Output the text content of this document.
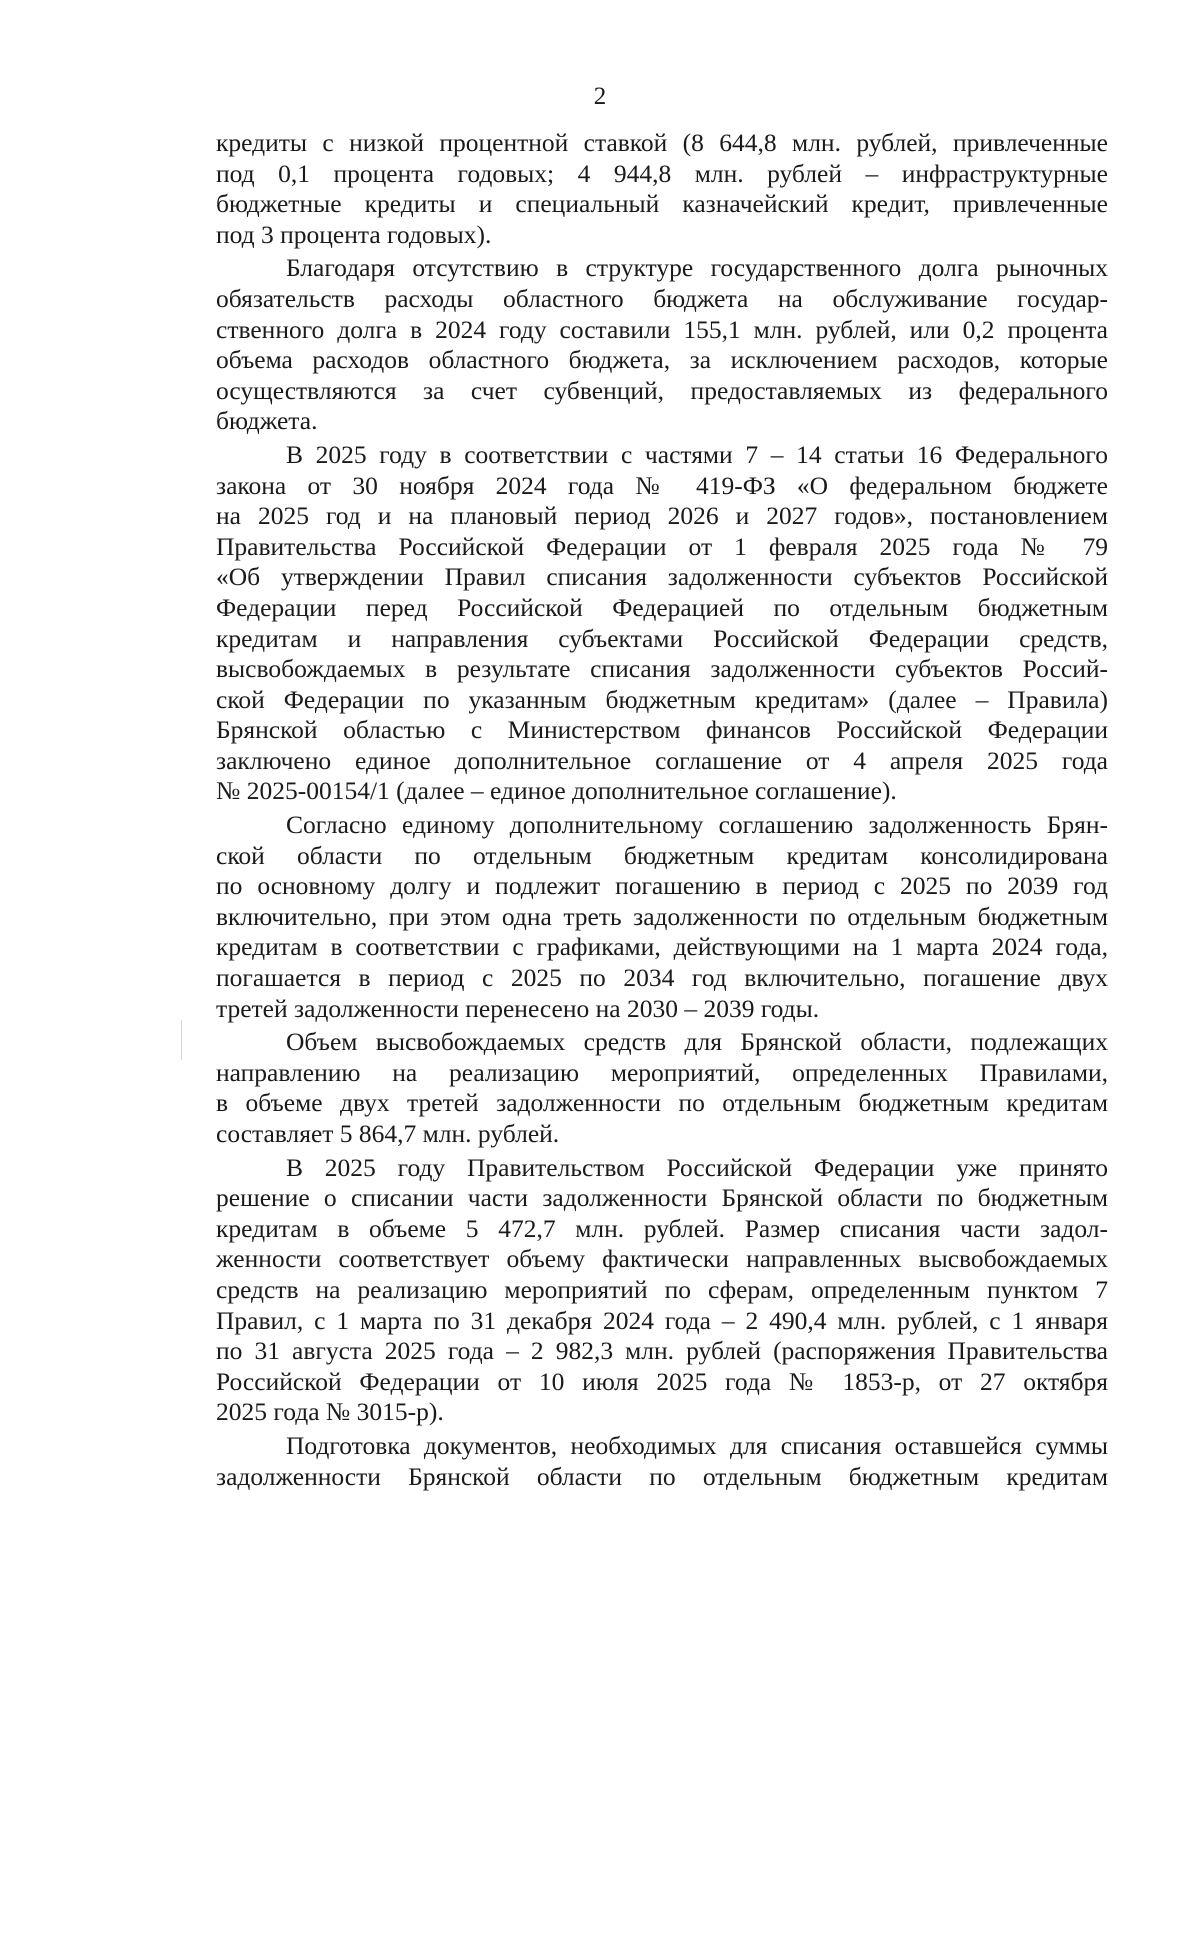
2
кредиты с низкой процентной ставкой (8 644,8 млн. рублей, привлеченные
под 0,1 процента годовых; 4 944,8 млн. рублей – инфраструктурные
бюджетные кредиты и специальный казначейский кредит, привлеченные
под 3 процента годовых).
Благодаря отсутствию в структуре государственного долга рыночных
обязательств расходы областного бюджета на обслуживание государ-
ственного долга в 2024 году составили 155,1 млн. рублей, или 0,2 процента
объема расходов областного бюджета, за исключением расходов, которые
осуществляются за счет субвенций, предоставляемых из федерального
бюджета.
В 2025 году в соответствии с частями 7 – 14 статьи 16 Федерального
закона от 30 ноября 2024 года № 419-ФЗ «О федеральном бюджете
на 2025 год и на плановый период 2026 и 2027 годов», постановлением
Правительства Российской Федерации от 1 февраля 2025 года № 79
«Об утверждении Правил списания задолженности субъектов Российской
Федерации перед Российской Федерацией по отдельным бюджетным
кредитам и направления субъектами Российской Федерации средств,
высвобождаемых в результате списания задолженности субъектов Россий-
ской Федерации по указанным бюджетным кредитам» (далее – Правила)
Брянской областью с Министерством финансов Российской Федерации
заключено единое дополнительное соглашение от 4 апреля 2025 года
№ 2025-00154/1 (далее – единое дополнительное соглашение).
Согласно единому дополнительному соглашению задолженность Брян-
ской области по отдельным бюджетным кредитам консолидирована
по основному долгу и подлежит погашению в период с 2025 по 2039 год
включительно, при этом одна треть задолженности по отдельным бюджетным
кредитам в соответствии с графиками, действующими на 1 марта 2024 года,
погашается в период с 2025 по 2034 год включительно, погашение двух
третей задолженности перенесено на 2030 – 2039 годы.
Объем высвобождаемых средств для Брянской области, подлежащих
направлению на реализацию мероприятий, определенных Правилами,
в объеме двух третей задолженности по отдельным бюджетным кредитам
составляет 5 864,7 млн. рублей.
В 2025 году Правительством Российской Федерации уже принято
решение о списании части задолженности Брянской области по бюджетным
кредитам в объеме 5 472,7 млн. рублей. Размер списания части задол-
женности соответствует объему фактически направленных высвобождаемых
средств на реализацию мероприятий по сферам, определенным пунктом 7
Правил, с 1 марта по 31 декабря 2024 года – 2 490,4 млн. рублей, с 1 января
по 31 августа 2025 года – 2 982,3 млн. рублей (распоряжения Правительства
Российской Федерации от 10 июля 2025 года № 1853-р, от 27 октября
2025 года № 3015-р).
Подготовка документов, необходимых для списания оставшейся суммы
задолженности Брянской области по отдельным бюджетным кредитам
